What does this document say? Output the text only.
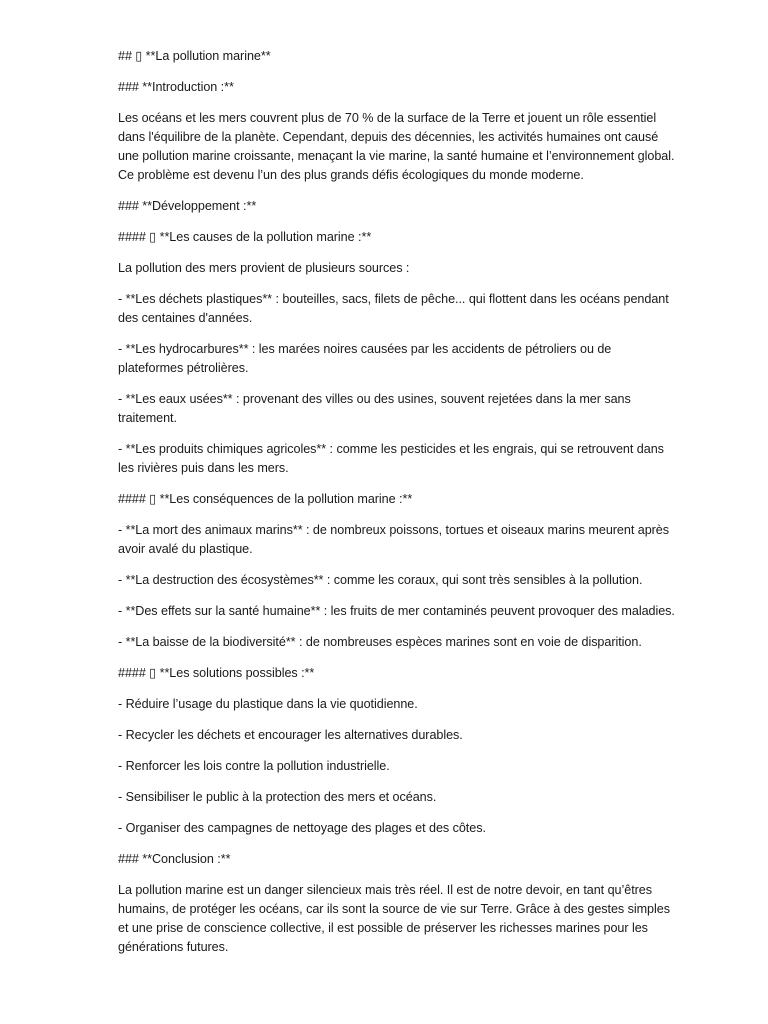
## ▯ **La pollution marine**

### **Introduction :**

Les océans et les mers couvrent plus de 70 % de la surface de la Terre et jouent un rôle essentiel dans l'équilibre de la planète. Cependant, depuis des décennies, les activités humaines ont causé une pollution marine croissante, menaçant la vie marine, la santé humaine et l’environnement global. Ce problème est devenu l’un des plus grands défis écologiques du monde moderne.

### **Développement :**

#### ▯ **Les causes de la pollution marine :**

La pollution des mers provient de plusieurs sources :

- **Les déchets plastiques** : bouteilles, sacs, filets de pêche... qui flottent dans les océans pendant des centaines d'années.

- **Les hydrocarbures** : les marées noires causées par les accidents de pétroliers ou de plateformes pétrolières.

- **Les eaux usées** : provenant des villes ou des usines, souvent rejetées dans la mer sans traitement.

- **Les produits chimiques agricoles** : comme les pesticides et les engrais, qui se retrouvent dans les rivières puis dans les mers.

#### ▯ **Les conséquences de la pollution marine :**

- **La mort des animaux marins** : de nombreux poissons, tortues et oiseaux marins meurent après avoir avalé du plastique.

- **La destruction des écosystèmes** : comme les coraux, qui sont très sensibles à la pollution.

- **Des effets sur la santé humaine** : les fruits de mer contaminés peuvent provoquer des maladies.

- **La baisse de la biodiversité** : de nombreuses espèces marines sont en voie de disparition.

#### ▯ **Les solutions possibles :**

- Réduire l’usage du plastique dans la vie quotidienne.

- Recycler les déchets et encourager les alternatives durables.

- Renforcer les lois contre la pollution industrielle.

- Sensibiliser le public à la protection des mers et océans.

- Organiser des campagnes de nettoyage des plages et des côtes.

### **Conclusion :**

La pollution marine est un danger silencieux mais très réel. Il est de notre devoir, en tant qu’êtres humains, de protéger les océans, car ils sont la source de vie sur Terre. Grâce à des gestes simples et une prise de conscience collective, il est possible de préserver les richesses marines pour les générations futures.
